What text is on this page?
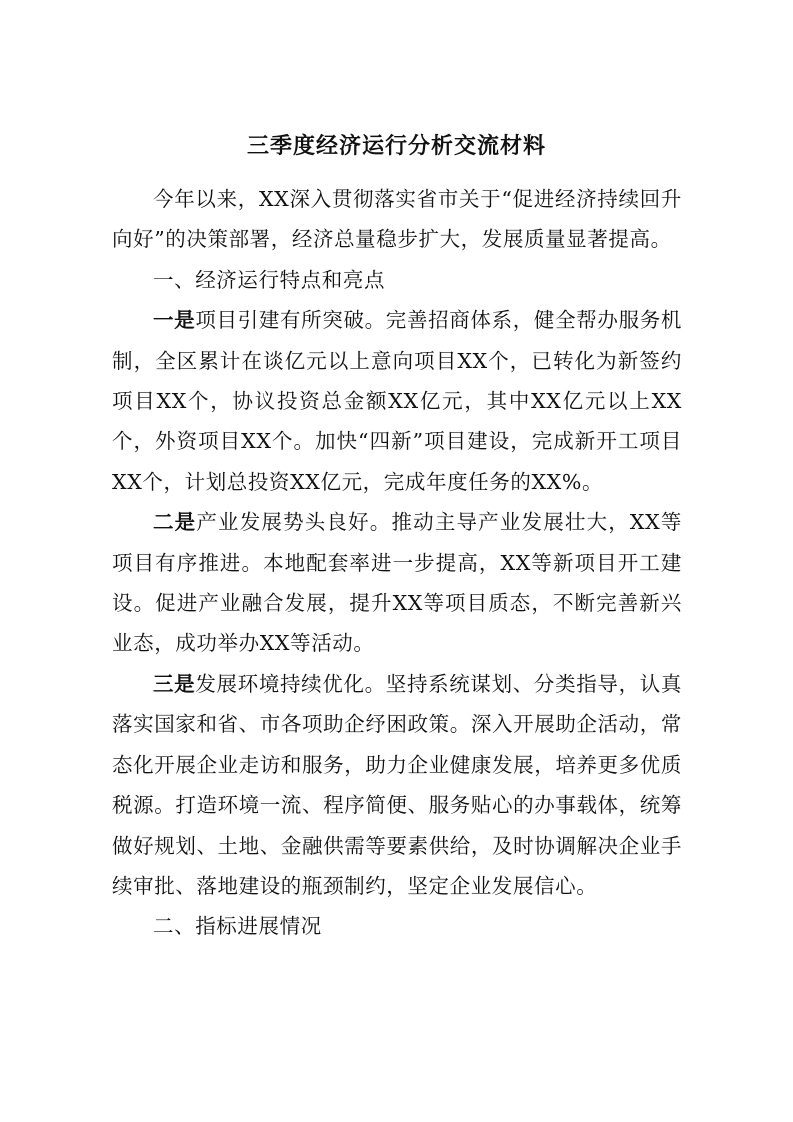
三季度经济运行分析交流材料

今年以来，XX深入贯彻落实省市关于“促进经济持续回升向好”的决策部署，经济总量稳步扩大，发展质量显著提高。

一、经济运行特点和亮点

一是项目引建有所突破。完善招商体系，健全帮办服务机制，全区累计在谈亿元以上意向项目XX个，已转化为新签约项目XX个，协议投资总金额XX亿元，其中XX亿元以上XX个，外资项目XX个。加快“四新”项目建设，完成新开工项目XX个，计划总投资XX亿元，完成年度任务的XX%。

二是产业发展势头良好。推动主导产业发展壮大，XX等项目有序推进。本地配套率进一步提高，XX等新项目开工建设。促进产业融合发展，提升XX等项目质态，不断完善新兴业态，成功举办XX等活动。

三是发展环境持续优化。坚持系统谋划、分类指导，认真落实国家和省、市各项助企纾困政策。深入开展助企活动，常态化开展企业走访和服务，助力企业健康发展，培养更多优质税源。打造环境一流、程序简便、服务贴心的办事载体，统筹做好规划、土地、金融供需等要素供给，及时协调解决企业手续审批、落地建设的瓶颈制约，坚定企业发展信心。

二、指标进展情况
